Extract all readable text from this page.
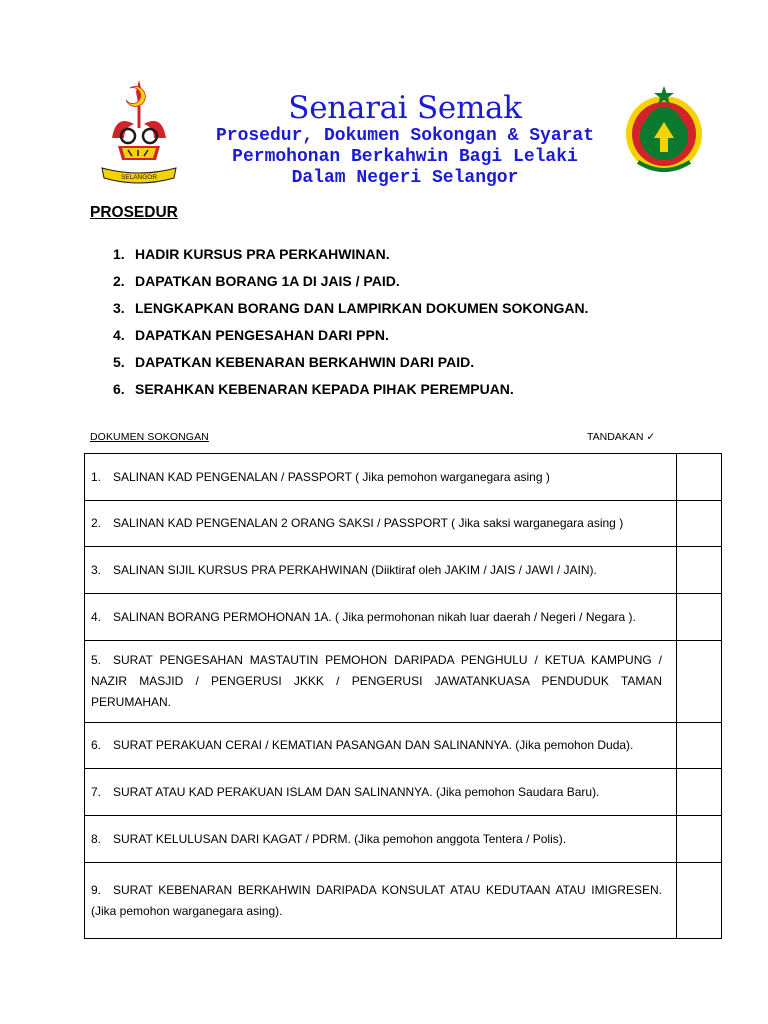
SELANGOR
Senarai Semak
Prosedur, Dokumen Sokongan & Syarat
Permohonan Berkahwin Bagi Lelaki
Dalam Negeri Selangor
PROSEDUR
1. HADIR KURSUS PRA PERKAHWINAN.
2. DAPATKAN BORANG 1A DI JAIS / PAID.
3. LENGKAPKAN BORANG DAN LAMPIRKAN DOKUMEN SOKONGAN.
4. DAPATKAN PENGESAHAN DARI PPN.
5. DAPATKAN KEBENARAN BERKAHWIN DARI PAID.
6. SERAHKAN KEBENARAN KEPADA PIHAK PEREMPUAN.
DOKUMEN SOKONGAN	TANDAKAN ✓
1. SALINAN KAD PENGENALAN / PASSPORT ( Jika pemohon warganegara asing )	
2. SALINAN KAD PENGENALAN 2 ORANG SAKSI / PASSPORT ( Jika saksi warganegara asing )	
3. SALINAN SIJIL KURSUS PRA PERKAHWINAN (Diiktiraf oleh JAKIM / JAIS / JAWI / JAIN).	
4. SALINAN BORANG PERMOHONAN 1A. ( Jika permohonan nikah luar daerah / Negeri / Negara ).	
5. SURAT PENGESAHAN MASTAUTIN PEMOHON DARIPADA PENGHULU / KETUA KAMPUNG / NAZIR MASJID / PENGERUSI JKKK / PENGERUSI JAWATANKUASA PENDUDUK TAMAN PERUMAHAN.	
6. SURAT PERAKUAN CERAI / KEMATIAN PASANGAN DAN SALINANNYA. (Jika pemohon Duda).	
7. SURAT ATAU KAD PERAKUAN ISLAM DAN SALINANNYA. (Jika pemohon Saudara Baru).	
8. SURAT KELULUSAN DARI KAGAT / PDRM. (Jika pemohon anggota Tentera / Polis).	
9. SURAT KEBENARAN BERKAHWIN DARIPADA KONSULAT ATAU KEDUTAAN ATAU IMIGRESEN. (Jika pemohon warganegara asing).	
